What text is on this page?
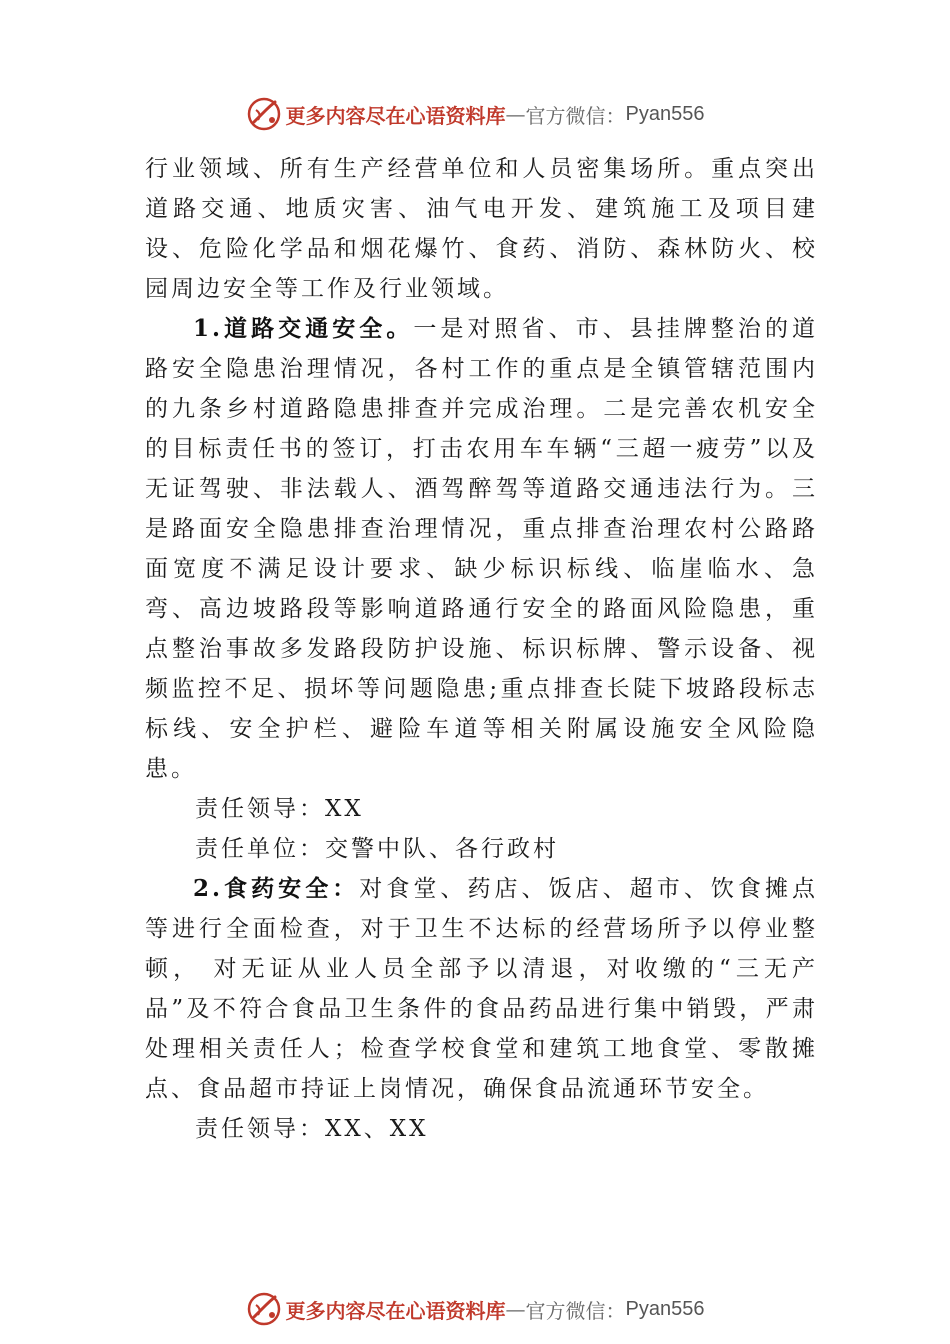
更多内容尽在心语资料库 — 官方微信： Pyan556

行业领域、所有生产经营单位和人员密集场所。重点突出道路交通、地质灾害、油气电开发、建筑施工及项目建设、危险化学品和烟花爆竹、食药、消防、森林防火、校园周边安全等工作及行业领域。

1.道路交通安全。一是对照省、市、县挂牌整治的道路安全隐患治理情况，各村工作的重点是全镇管辖范围内的九条乡村道路隐患排查并完成治理。二是完善农机安全的目标责任书的签订，打击农用车车辆“三超一疲劳”以及无证驾驶、非法载人、酒驾醉驾等道路交通违法行为。三是路面安全隐患排查治理情况，重点排查治理农村公路路面宽度不满足设计要求、缺少标识标线、临崖临水、急弯、高边坡路段等影响道路通行安全的路面风险隐患，重点整治事故多发路段防护设施、标识标牌、警示设备、视频监控不足、损坏等问题隐患;重点排查长陡下坡路段标志标线、安全护栏、避险车道等相关附属设施安全风险隐患。

责任领导：XX

责任单位：交警中队、各行政村

2.食药安全：对食堂、药店、饭店、超市、饮食摊点等进行全面检查，对于卫生不达标的经营场所予以停业整顿， 对无证从业人员全部予以清退，对收缴的“三无产品”及不符合食品卫生条件的食品药品进行集中销毁，严肃处理相关责任人；检查学校食堂和建筑工地食堂、零散摊点、食品超市持证上岗情况，确保食品流通环节安全。

责任领导：XX、XX

更多内容尽在心语资料库 — 官方微信： Pyan556
